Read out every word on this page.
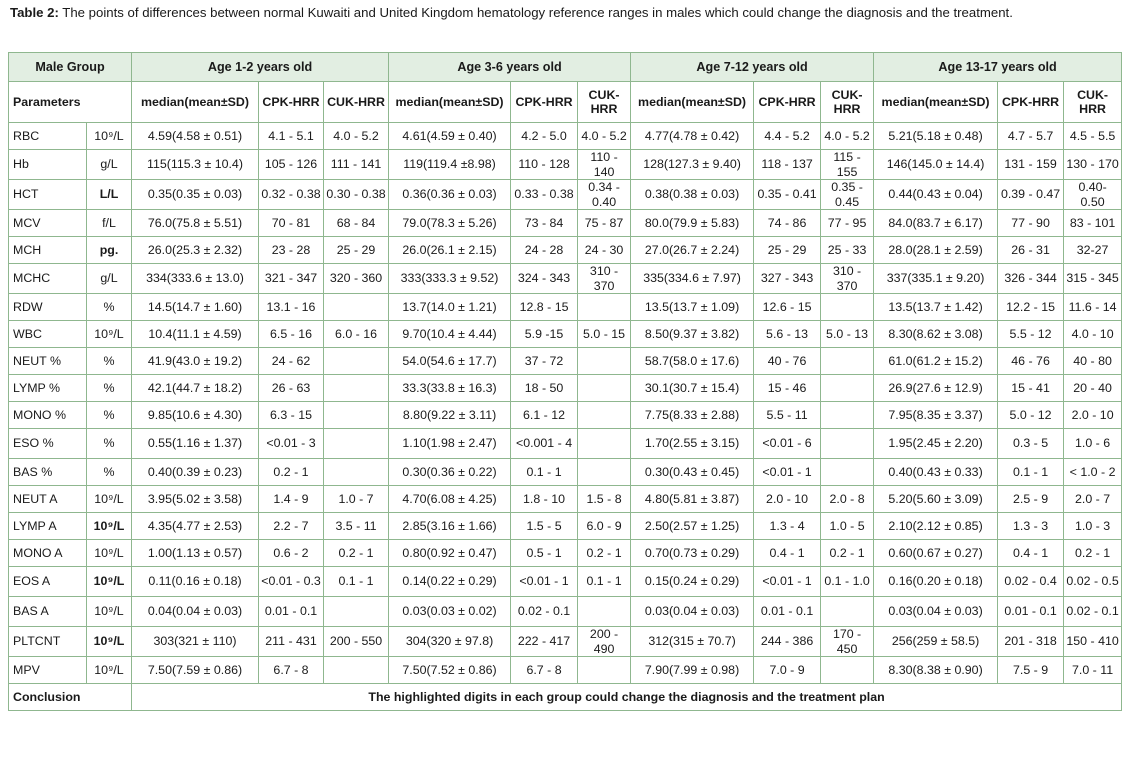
Table 2: The points of differences between normal Kuwaiti and United Kingdom hematology reference ranges in males which could change the diagnosis and the treatment.
Male Group		Age 1-2 years old			Age 3-6 years old			Age 7-12 years old			Age 13-17 years old		
Parameters		median(mean±SD)	CPK-HRR	CUK-HRR	median(mean±SD)	CPK-HRR	CUK-HRR	median(mean±SD)	CPK-HRR	CUK-HRR	median(mean±SD)	CPK-HRR	CUK-HRR
RBC	10⁹/L	4.59(4.58 ± 0.51)	4.1 - 5.1	4.0 - 5.2	4.61(4.59 ± 0.40)	4.2 - 5.0	4.0 - 5.2	4.77(4.78 ± 0.42)	4.4 - 5.2	4.0 - 5.2	5.21(5.18 ± 0.48)	4.7 - 5.7	4.5 - 5.5
Hb	g/L	115(115.3 ± 10.4)	105 - 126	111 - 141	119(119.4 ±8.98)	110 - 128	110 - 140	128(127.3 ± 9.40)	118 - 137	115 - 155	146(145.0 ± 14.4)	131 - 159	130 - 170
HCT	L/L	0.35(0.35 ± 0.03)	0.32 - 0.38	0.30 - 0.38	0.36(0.36 ± 0.03)	0.33 - 0.38	0.34 - 0.40	0.38(0.38 ± 0.03)	0.35 - 0.41	0.35 - 0.45	0.44(0.43 ± 0.04)	0.39 - 0.47	0.40- 0.50
MCV	f/L	76.0(75.8 ± 5.51)	70 - 81	68 - 84	79.0(78.3 ± 5.26)	73 - 84	75 - 87	80.0(79.9 ± 5.83)	74 - 86	77 - 95	84.0(83.7 ± 6.17)	77 - 90	83 - 101
MCH	pg.	26.0(25.3 ± 2.32)	23 - 28	25 - 29	26.0(26.1 ± 2.15)	24 - 28	24 - 30	27.0(26.7 ± 2.24)	25 - 29	25 - 33	28.0(28.1 ± 2.59)	26 - 31	32-27
MCHC	g/L	334(333.6 ± 13.0)	321 - 347	320 - 360	333(333.3 ± 9.52)	324 - 343	310 - 370	335(334.6 ± 7.97)	327 - 343	310 - 370	337(335.1 ± 9.20)	326 - 344	315 - 345
RDW	%	14.5(14.7 ± 1.60)	13.1 - 16		13.7(14.0 ± 1.21)	12.8 - 15		13.5(13.7 ± 1.09)	12.6 - 15		13.5(13.7 ± 1.42)	12.2 - 15	11.6 - 14
WBC	10⁹/L	10.4(11.1 ± 4.59)	6.5 - 16	6.0 - 16	9.70(10.4 ± 4.44)	5.9 -15	5.0 - 15	8.50(9.37 ± 3.82)	5.6 - 13	5.0 - 13	8.30(8.62 ± 3.08)	5.5 - 12	4.0 - 10
NEUT %	%	41.9(43.0 ± 19.2)	24 - 62		54.0(54.6 ± 17.7)	37 - 72		58.7(58.0 ± 17.6)	40 - 76		61.0(61.2 ± 15.2)	46 - 76	40 - 80
LYMP %	%	42.1(44.7 ± 18.2)	26 - 63		33.3(33.8 ± 16.3)	18 - 50		30.1(30.7 ± 15.4)	15 - 46		26.9(27.6 ± 12.9)	15 - 41	20 - 40
MONO %	%	9.85(10.6 ± 4.30)	6.3 - 15		8.80(9.22 ± 3.11)	6.1 - 12		7.75(8.33 ± 2.88)	5.5 - 11		7.95(8.35 ± 3.37)	5.0 - 12	2.0 - 10
ESO %	%	0.55(1.16 ± 1.37)	<0.01 - 3		1.10(1.98 ± 2.47)	<0.001 - 4		1.70(2.55 ± 3.15)	<0.01 - 6		1.95(2.45 ± 2.20)	0.3 - 5	1.0 - 6
BAS %	%	0.40(0.39 ± 0.23)	0.2 - 1		0.30(0.36 ± 0.22)	0.1 - 1		0.30(0.43 ± 0.45)	<0.01 - 1		0.40(0.43 ± 0.33)	0.1 - 1	< 1.0 - 2
NEUT A	10⁹/L	3.95(5.02 ± 3.58)	1.4 - 9	1.0 - 7	4.70(6.08 ± 4.25)	1.8 - 10	1.5 - 8	4.80(5.81 ± 3.87)	2.0 - 10	2.0 - 8	5.20(5.60 ± 3.09)	2.5 - 9	2.0 - 7
LYMP A	10⁹/L	4.35(4.77 ± 2.53)	2.2 - 7	3.5 - 11	2.85(3.16 ± 1.66)	1.5 - 5	6.0 - 9	2.50(2.57 ± 1.25)	1.3 - 4	1.0 - 5	2.10(2.12 ± 0.85)	1.3 - 3	1.0 - 3
MONO A	10⁹/L	1.00(1.13 ± 0.57)	0.6 - 2	0.2 - 1	0.80(0.92 ± 0.47)	0.5 - 1	0.2 - 1	0.70(0.73 ± 0.29)	0.4 - 1	0.2 - 1	0.60(0.67 ± 0.27)	0.4 - 1	0.2 - 1
EOS A	10⁹/L	0.11(0.16 ± 0.18)	<0.01 - 0.3	0.1 - 1	0.14(0.22 ± 0.29)	<0.01 - 1	0.1 - 1	0.15(0.24 ± 0.29)	<0.01 - 1	0.1 - 1.0	0.16(0.20 ± 0.18)	0.02 - 0.4	0.02 - 0.5
BAS A	10⁹/L	0.04(0.04 ± 0.03)	0.01 - 0.1		0.03(0.03 ± 0.02)	0.02 - 0.1		0.03(0.04 ± 0.03)	0.01 - 0.1		0.03(0.04 ± 0.03)	0.01 - 0.1	0.02 - 0.1
PLTCNT	10⁹/L	303(321 ± 110)	211 - 431	200 - 550	304(320 ± 97.8)	222 - 417	200 - 490	312(315 ± 70.7)	244 - 386	170 - 450	256(259 ± 58.5)	201 - 318	150 - 410
MPV	10⁹/L	7.50(7.59 ± 0.86)	6.7 - 8		7.50(7.52 ± 0.86)	6.7 - 8		7.90(7.99 ± 0.98)	7.0 - 9		8.30(8.38 ± 0.90)	7.5 - 9	7.0 - 11
Conclusion		The highlighted digits in each group could change the diagnosis and the treatment plan											
